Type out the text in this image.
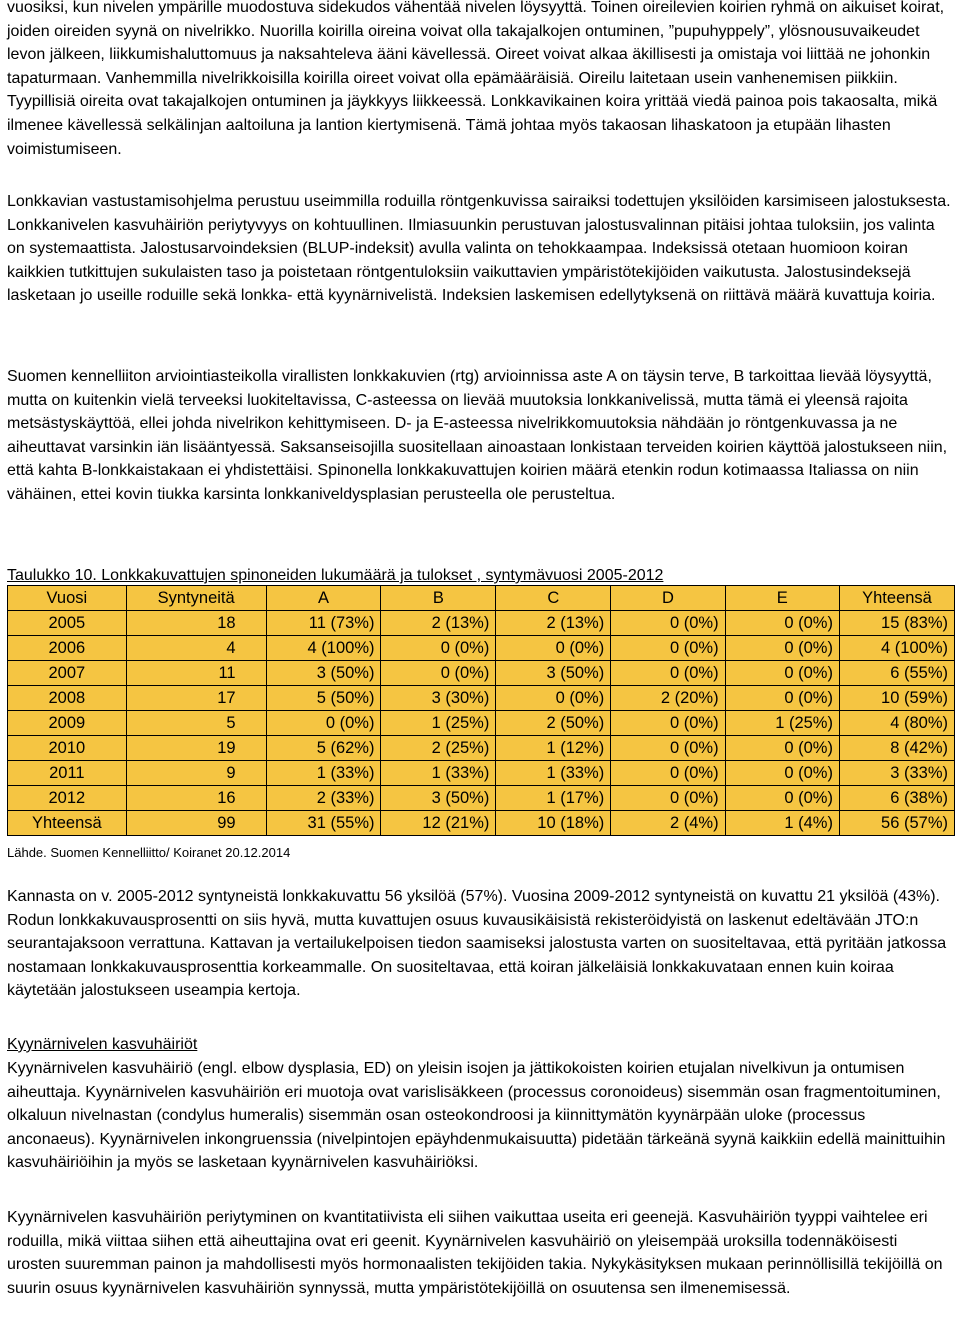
vuosiksi, kun nivelen ympärille muodostuva sidekudos vähentää nivelen löysyyttä. Toinen oireilevien koirien ryhmä on aikuiset koirat, joiden oireiden syynä on nivelrikko. Nuorilla koirilla oireina voivat olla takajalkojen ontuminen, ”pupuhyppely”, ylösnousuvaikeudet levon jälkeen, liikkumishaluttomuus ja naksahteleva ääni kävellessä. Oireet voivat alkaa äkillisesti ja omistaja voi liittää ne johonkin tapaturmaan. Vanhemmilla nivelrikkoisilla koirilla oireet voivat olla epämääräisiä. Oireilu laitetaan usein vanhenemisen piikkiin. Tyypillisiä oireita ovat takajalkojen ontuminen ja jäykkyys liikkeessä. Lonkkavikainen koira yrittää viedä painoa pois takaosalta, mikä ilmenee kävellessä selkälinjan aaltoiluna ja lantion kiertymisenä. Tämä johtaa myös takaosan lihaskatoon ja etupään lihasten voimistumiseen.

Lonkkavian vastustamisohjelma perustuu useimmilla roduilla röntgenkuvissa sairaiksi todettujen yksilöiden karsimiseen jalostuksesta. Lonkkanivelen kasvuhäiriön periytyvyys on kohtuullinen. Ilmiasuunkin perustuvan jalostusvalinnan pitäisi johtaa tuloksiin, jos valinta on systemaattista. Jalostusarvoindeksien (BLUP-indeksit) avulla valinta on tehokkaampaa. Indeksissä otetaan huomioon koiran kaikkien tutkittujen sukulaisten taso ja poistetaan röntgentuloksiin vaikuttavien ympäristötekijöiden vaikutusta. Jalostusindeksejä lasketaan jo useille roduille sekä lonkka- että kyynärnivelistä. Indeksien laskemisen edellytyksenä on riittävä määrä kuvattuja koiria.

Suomen kennelliiton arviointiasteikolla virallisten lonkkakuvien (rtg) arvioinnissa aste A on täysin terve, B tarkoittaa lievää löysyyttä, mutta on kuitenkin vielä terveeksi luokiteltavissa, C-asteessa on lievää muutoksia lonkkanivelissä, mutta tämä ei yleensä rajoita metsästyskäyttöä, ellei johda nivelrikon kehittymiseen. D- ja E-asteessa nivelrikkomuutoksia nähdään jo röntgenkuvassa ja ne aiheuttavat varsinkin iän lisääntyessä. Saksanseisojilla suositellaan ainoastaan lonkistaan terveiden koirien käyttöä jalostukseen niin, että kahta B-lonkkaistakaan ei yhdistettäisi. Spinonella lonkkakuvattujen koirien määrä etenkin rodun kotimaassa Italiassa on niin vähäinen, ettei kovin tiukka karsinta lonkkaniveldysplasian perusteella ole perusteltua.

Taulukko 10. Lonkkakuvattujen spinoneiden lukumäärä ja tulokset , syntymävuosi 2005-2012

Vuosi	Syntyneitä	A	B	C	D	E	Yhteensä
2005	18	11 (73%)	2 (13%)	2 (13%)	0 (0%)	0 (0%)	15 (83%)
2006	4	4 (100%)	0 (0%)	0 (0%)	0 (0%)	0 (0%)	4 (100%)
2007	11	3 (50%)	0 (0%)	3 (50%)	0 (0%)	0 (0%)	6 (55%)
2008	17	5 (50%)	3 (30%)	0 (0%)	2 (20%)	0 (0%)	10 (59%)
2009	5	0 (0%)	1 (25%)	2 (50%)	0 (0%)	1 (25%)	4 (80%)
2010	19	5 (62%)	2 (25%)	1 (12%)	0 (0%)	0 (0%)	8 (42%)
2011	9	1 (33%)	1 (33%)	1 (33%)	0 (0%)	0 (0%)	3 (33%)
2012	16	2 (33%)	3 (50%)	1 (17%)	0 (0%)	0 (0%)	6 (38%)
Yhteensä	99	31 (55%)	12 (21%)	10 (18%)	2 (4%)	1 (4%)	56 (57%)

Lähde. Suomen Kennelliitto/ Koiranet 20.12.2014

Kannasta on v. 2005-2012 syntyneistä lonkkakuvattu 56 yksilöä (57%). Vuosina 2009-2012 syntyneistä on kuvattu 21 yksilöä (43%). Rodun lonkkakuvausprosentti on siis hyvä, mutta kuvattujen osuus kuvausikäisistä rekisteröidyistä on laskenut edeltävään JTO:n seurantajaksoon verrattuna. Kattavan ja vertailukelpoisen tiedon saamiseksi jalostusta varten on suositeltavaa, että pyritään jatkossa nostamaan lonkkakuvausprosenttia korkeammalle. On suositeltavaa, että koiran jälkeläisiä lonkkakuvataan ennen kuin koiraa käytetään jalostukseen useampia kertoja.

Kyynärnivelen kasvuhäiriöt

Kyynärnivelen kasvuhäiriö (engl. elbow dysplasia, ED) on yleisin isojen ja jättikokoisten koirien etujalan nivelkivun ja ontumisen aiheuttaja. Kyynärnivelen kasvuhäiriön eri muotoja ovat varislisäkkeen (processus coronoideus) sisemmän osan fragmentoituminen, olkaluun nivelnastan (condylus humeralis) sisemmän osan osteokondroosi ja kiinnittymätön kyynärpään uloke (processus anconaeus). Kyynärnivelen inkongruenssia (nivelpintojen epäyhdenmukaisuutta) pidetään tärkeänä syynä kaikkiin edellä mainittuihin kasvuhäiriöihin ja myös se lasketaan kyynärnivelen kasvuhäiriöksi.

Kyynärnivelen kasvuhäiriön periytyminen on kvantitatiivista eli siihen vaikuttaa useita eri geenejä. Kasvuhäiriön tyyppi vaihtelee eri roduilla, mikä viittaa siihen että aiheuttajina ovat eri geenit. Kyynärnivelen kasvuhäiriö on yleisempää uroksilla todennäköisesti urosten suuremman painon ja mahdollisesti myös hormonaalisten tekijöiden takia. Nykykäsityksen mukaan perinnöllisillä tekijöillä on suurin osuus kyynärnivelen kasvuhäiriön synnyssä, mutta ympäristötekijöillä on osuutensa sen ilmenemisessä.
